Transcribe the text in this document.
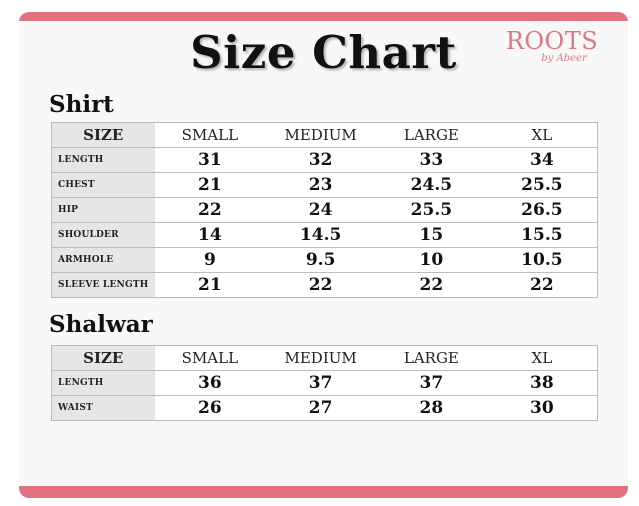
Size Chart	ROOTS
by Abeer
Shirt
SIZE	SMALL	MEDIUM	LARGE	XL
LENGTH	31	32	33	34
CHEST	21	23	24.5	25.5
HIP	22	24	25.5	26.5
SHOULDER	14	14.5	15	15.5
ARMHOLE	9	9.5	10	10.5
SLEEVE LENGTH	21	22	22	22
Shalwar
SIZE	SMALL	MEDIUM	LARGE	XL
LENGTH	36	37	37	38
WAIST	26	27	28	30
